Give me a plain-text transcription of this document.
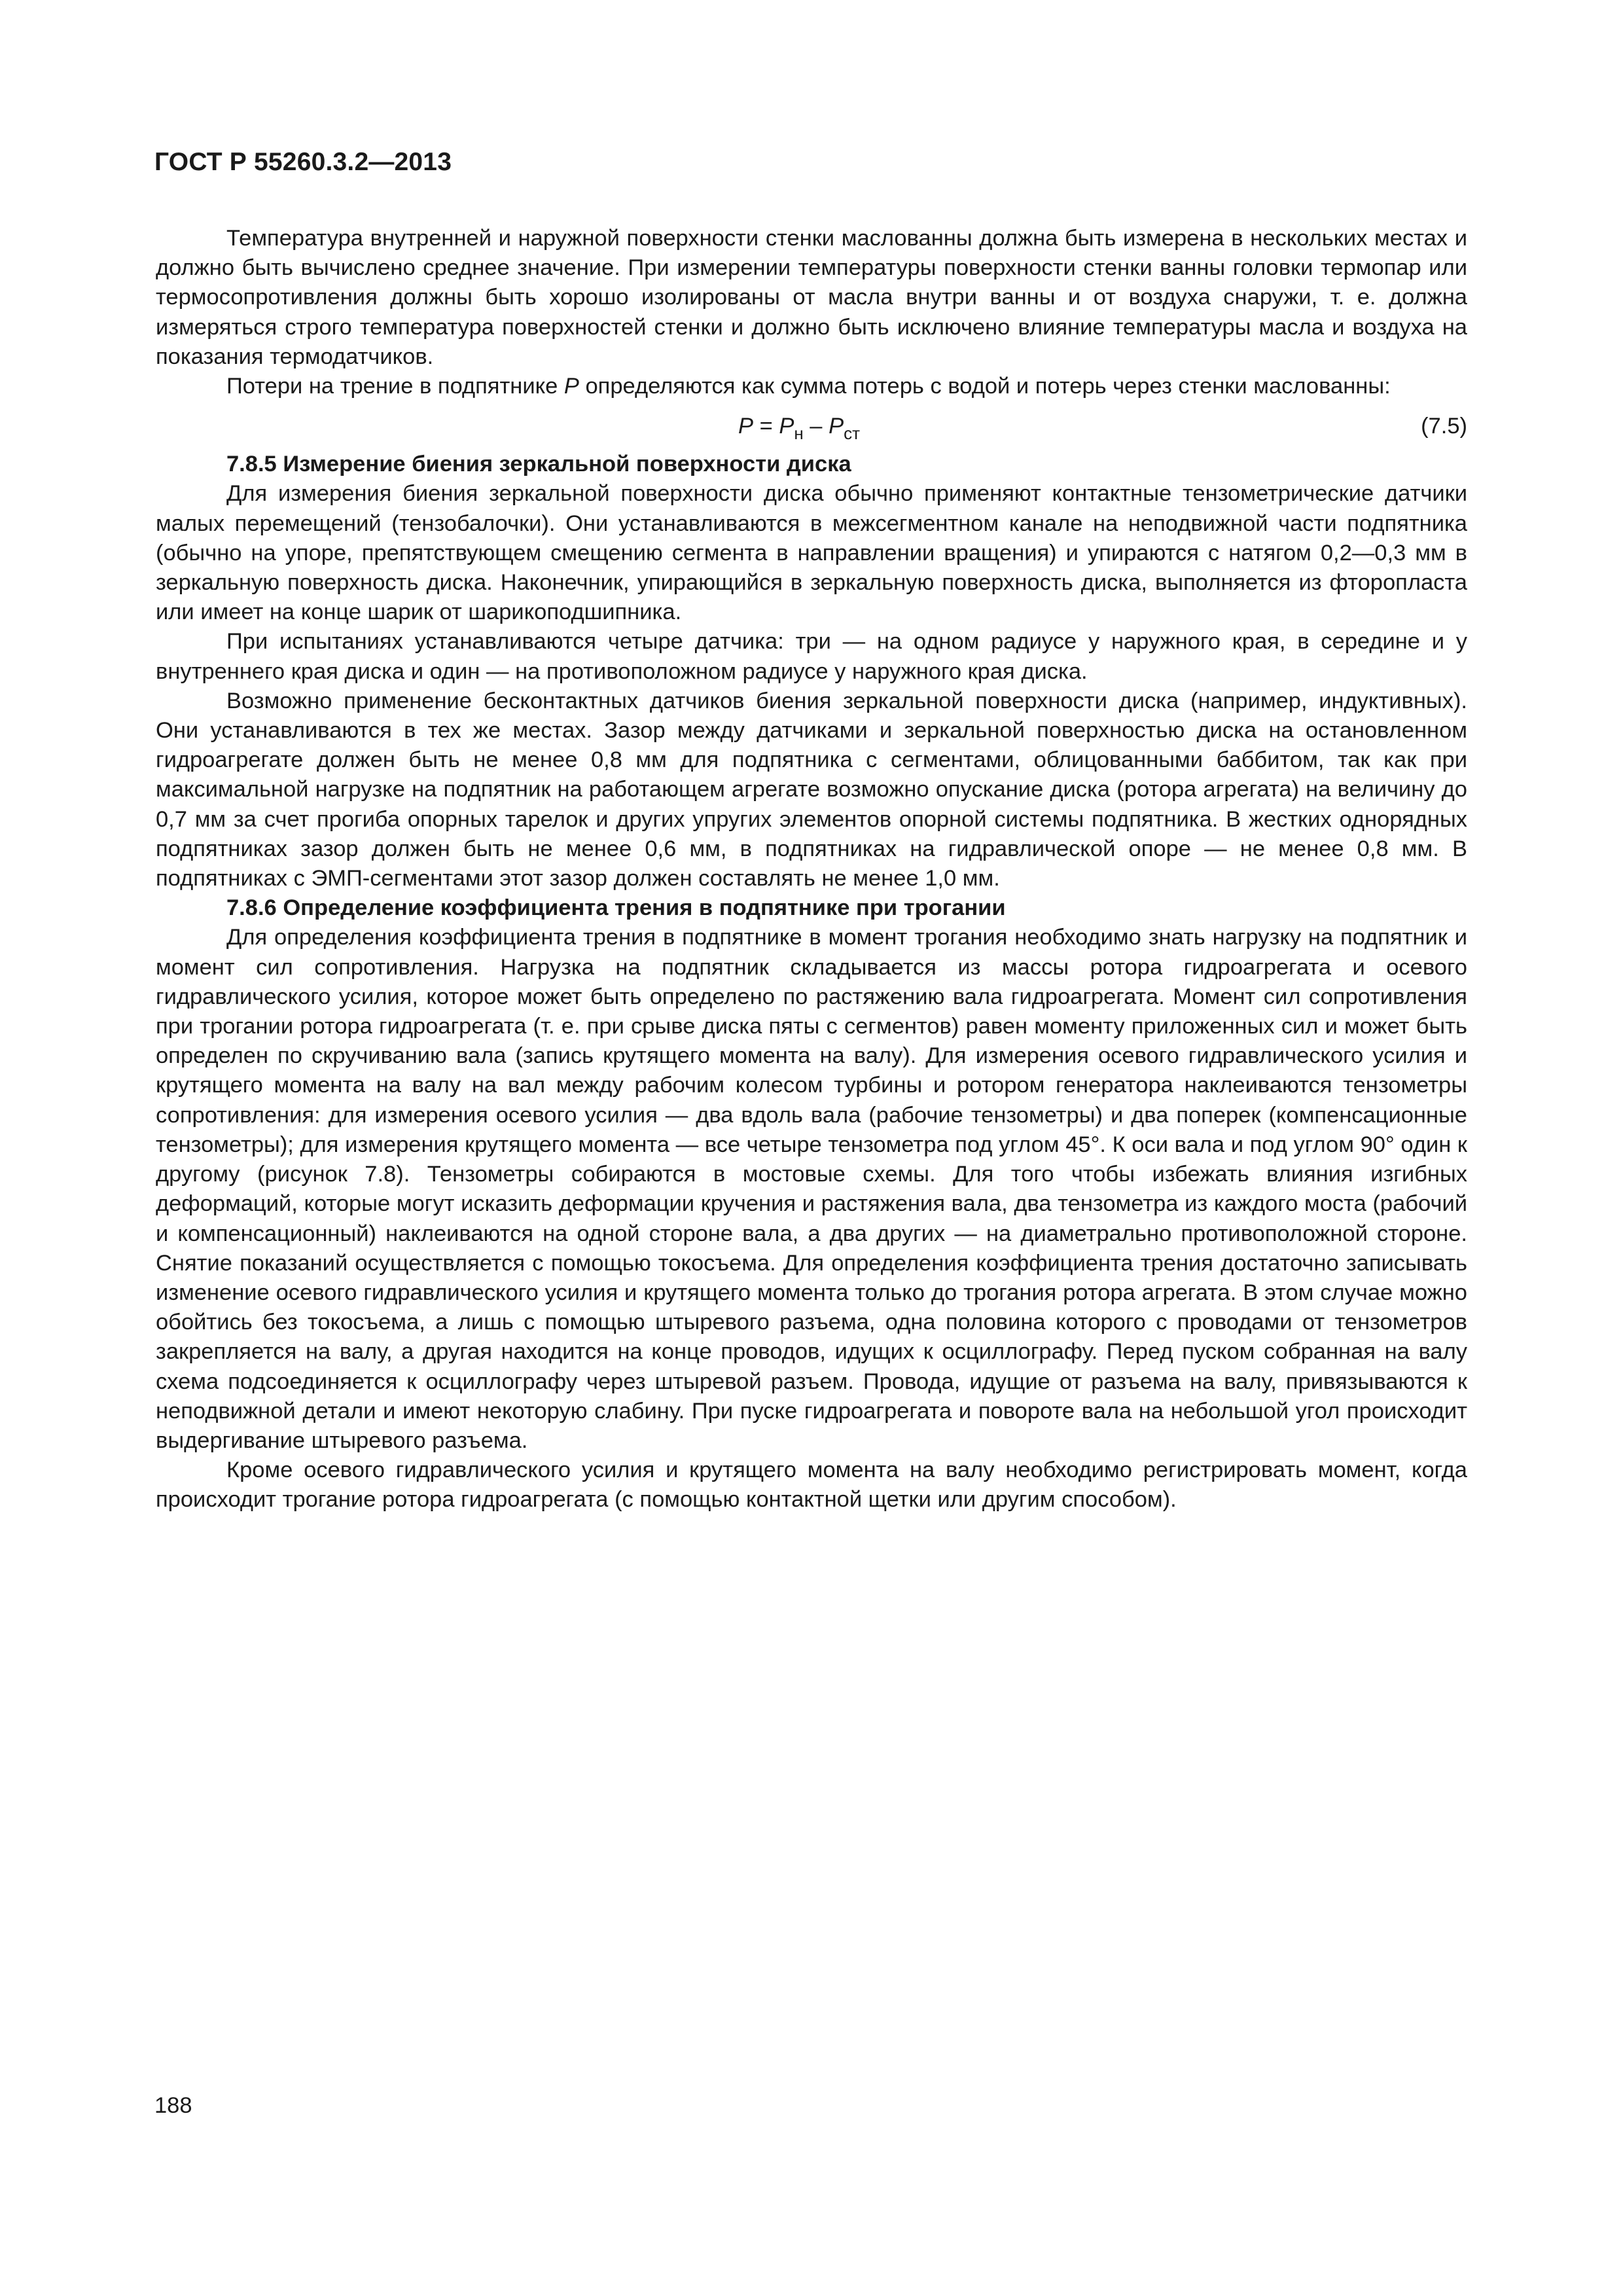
ГОСТ Р 55260.3.2—2013

Температура внутренней и наружной поверхности стенки маслованны должна быть измерена в нескольких местах и должно быть вычислено среднее значение. При измерении температуры поверхности стенки ванны головки термопар или термосопротивления должны быть хорошо изолированы от масла внутри ванны и от воздуха снаружи, т. е. должна измеряться строго температура поверхностей стенки и должно быть исключено влияние температуры масла и воздуха на показания термодатчиков.

Потери на трение в подпятнике P определяются как сумма потерь с водой и потерь через стенки маслованны:

$P = P_н - P_{ст}$	(7.5)
7.8.5 Измерение биения зеркальной поверхности диска

Для измерения биения зеркальной поверхности диска обычно применяют контактные тензометрические датчики малых перемещений (тензобалочки). Они устанавливаются в межсегментном канале на неподвижной части подпятника (обычно на упоре, препятствующем смещению сегмента в направлении вращения) и упираются с натягом 0,2—0,3 мм в зеркальную поверхность диска. Наконечник, упирающийся в зеркальную поверхность диска, выполняется из фторопласта или имеет на конце шарик от шарикоподшипника.

При испытаниях устанавливаются четыре датчика: три — на одном радиусе у наружного края, в середине и у внутреннего края диска и один — на противоположном радиусе у наружного края диска.

Возможно применение бесконтактных датчиков биения зеркальной поверхности диска (например, индуктивных). Они устанавливаются в тех же местах. Зазор между датчиками и зеркальной поверхностью диска на остановленном гидроагрегате должен быть не менее 0,8 мм для подпятника с сегментами, облицованными баббитом, так как при максимальной нагрузке на подпятник на работающем агрегате возможно опускание диска (ротора агрегата) на величину до 0,7 мм за счет прогиба опорных тарелок и других упругих элементов опорной системы подпятника. В жестких однорядных подпятниках зазор должен быть не менее 0,6 мм, в подпятниках на гидравлической опоре — не менее 0,8 мм. В подпятниках с ЭМП-сегментами этот зазор должен составлять не менее 1,0 мм.

7.8.6 Определение коэффициента трения в подпятнике при трогании

Для определения коэффициента трения в подпятнике в момент трогания необходимо знать нагрузку на подпятник и момент сил сопротивления. Нагрузка на подпятник складывается из массы ротора гидроагрегата и осевого гидравлического усилия, которое может быть определено по растяжению вала гидроагрегата. Момент сил сопротивления при трогании ротора гидроагрегата (т. е. при срыве диска пяты с сегментов) равен моменту приложенных сил и может быть определен по скручиванию вала (запись крутящего момента на валу). Для измерения осевого гидравлического усилия и крутящего момента на валу на вал между рабочим колесом турбины и ротором генератора наклеиваются тензометры сопротивления: для измерения осевого усилия — два вдоль вала (рабочие тензометры) и два поперек (компенсационные тензометры); для измерения крутящего момента — все четыре тензометра под углом 45°. К оси вала и под углом 90° один к другому (рисунок 7.8). Тензометры собираются в мостовые схемы. Для того чтобы избежать влияния изгибных деформаций, которые могут исказить деформации кручения и растяжения вала, два тензометра из каждого моста (рабочий и компенсационный) наклеиваются на одной стороне вала, а два других — на диаметрально противоположной стороне. Снятие показаний осуществляется с помощью токосъема. Для определения коэффициента трения достаточно записывать изменение осевого гидравлического усилия и крутящего момента только до трогания ротора агрегата. В этом случае можно обойтись без токосъема, а лишь с помощью штыревого разъема, одна половина которого с проводами от тензометров закрепляется на валу, а другая находится на конце проводов, идущих к осциллографу. Перед пуском собранная на валу схема подсоединяется к осциллографу через штыревой разъем. Провода, идущие от разъема на валу, привязываются к неподвижной детали и имеют некоторую слабину. При пуске гидроагрегата и повороте вала на небольшой угол происходит выдергивание штыревого разъема.

Кроме осевого гидравлического усилия и крутящего момента на валу необходимо регистрировать момент, когда происходит трогание ротора гидроагрегата (с помощью контактной щетки или другим способом).

188
